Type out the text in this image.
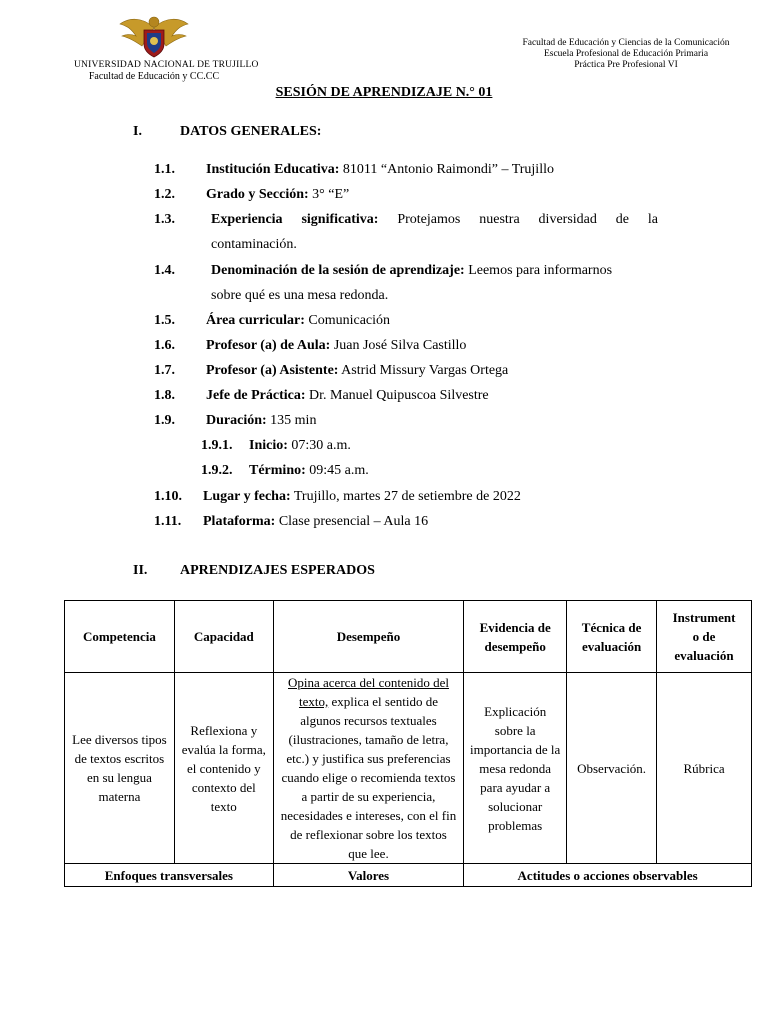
UNIVERSIDAD NACIONAL DE TRUJILLO
Facultad de Educación y CC.CC
Facultad de Educación y Ciencias de la Comunicación
Escuela Profesional de Educación Primaria
Práctica Pre Profesional VI
SESIÓN DE APRENDIZAJE N.° 01
I.	DATOS GENERALES:
1.1. Institución Educativa: 81011 “Antonio Raimondi” – Trujillo
1.2. Grado y Sección: 3° “E”
1.3.	Experiencia significativa: Protejamos nuestra diversidad de la
contaminación.
1.4.	Denominación de la sesión de aprendizaje: Leemos para informarnos
sobre qué es una mesa redonda.
1.5. Área curricular: Comunicación
1.6. Profesor (a) de Aula: Juan José Silva Castillo
1.7. Profesor (a) Asistente: Astrid Missury Vargas Ortega
1.8. Jefe de Práctica: Dr. Manuel Quipuscoa Silvestre
1.9. Duración: 135 min
1.9.1. Inicio: 07:30 a.m.
1.9.2. Término: 09:45 a.m.
1.10. Lugar y fecha: Trujillo, martes 27 de setiembre de 2022
1.11. Plataforma: Clase presencial – Aula 16
II. APRENDIZAJES ESPERADOS
Competencia	Capacidad	Desempeño	Evidencia de desempeño	Técnica de evaluación	Instrument
o de
evaluación

Lee diversos tipos de textos escritos en su lengua materna	Reflexiona y evalúa la forma, el contenido y contexto del texto	Opina acerca del contenido del texto, explica el sentido de algunos recursos textuales (ilustraciones, tamaño de letra, etc.) y justifica sus preferencias cuando elige o recomienda textos a partir de su experiencia, necesidades e intereses, con el fin de reflexionar sobre los textos que lee.	Explicación sobre la importancia de la mesa redonda para ayudar a solucionar problemas	Observación.	Rúbrica
Enfoques transversales		Valores	Actitudes o acciones observables		
